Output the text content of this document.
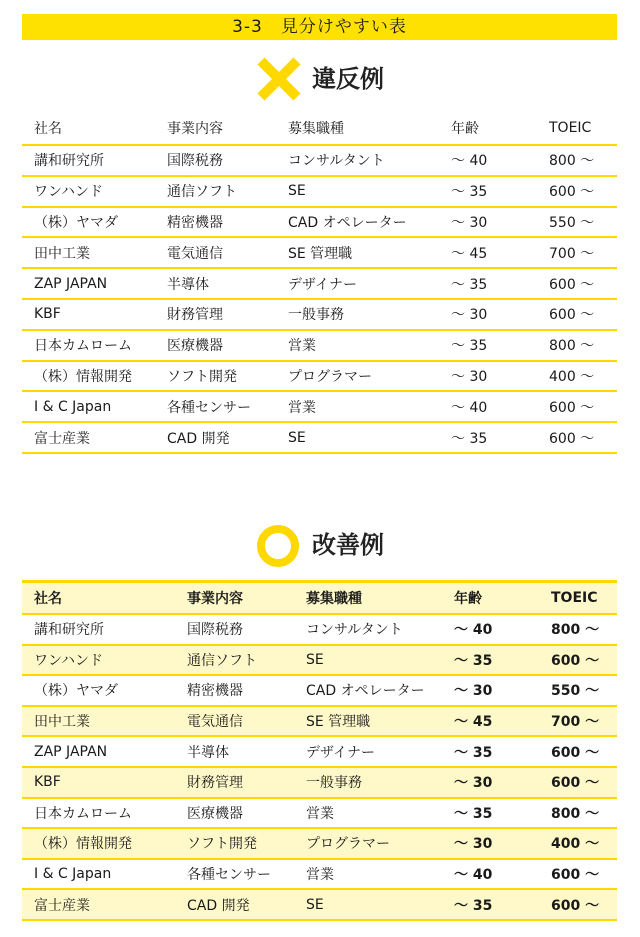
3-3　見分けやすい表
違反例
社名	事業内容	募集職種	年齢	TOEIC
講和研究所	国際税務	コンサルタント	～ 40	800 ～
ワンハンド	通信ソフト	SE	～ 35	600 ～
（株）ヤマダ	精密機器	CAD オペレーター	～ 30	550 ～
田中工業	電気通信	SE 管理職	～ 45	700 ～
ZAP JAPAN	半導体	デザイナー	～ 35	600 ～
KBF	財務管理	一般事務	～ 30	600 ～
日本カムローム	医療機器	営業	～ 35	800 ～
（株）情報開発	ソフト開発	プログラマー	～ 30	400 ～
I & C Japan	各種センサー	営業	～ 40	600 ～
富士産業	CAD 開発	SE	～ 35	600 ～
改善例
社名	事業内容	募集職種	年齢	TOEIC
講和研究所	国際税務	コンサルタント	～ 40	800 ～
ワンハンド	通信ソフト	SE	～ 35	600 ～
（株）ヤマダ	精密機器	CAD オペレーター	～ 30	550 ～
田中工業	電気通信	SE 管理職	～ 45	700 ～
ZAP JAPAN	半導体	デザイナー	～ 35	600 ～
KBF	財務管理	一般事務	～ 30	600 ～
日本カムローム	医療機器	営業	～ 35	800 ～
（株）情報開発	ソフト開発	プログラマー	～ 30	400 ～
I & C Japan	各種センサー	営業	～ 40	600 ～
富士産業	CAD 開発	SE	～ 35	600 ～
